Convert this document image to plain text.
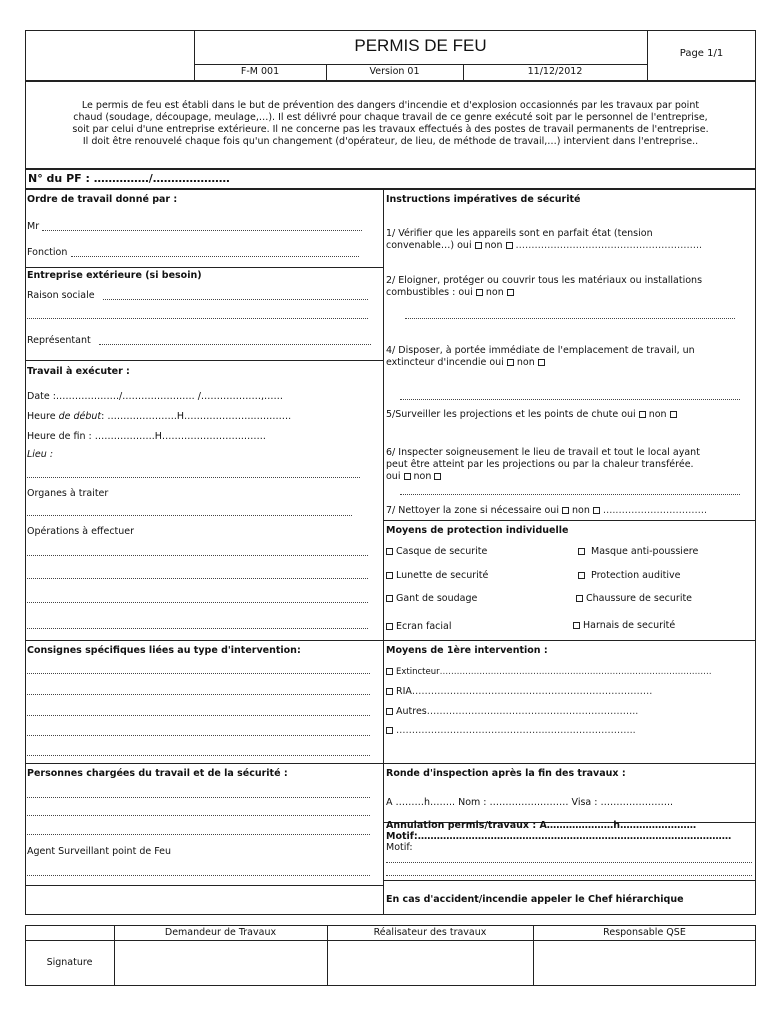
PERMIS DE FEU	Page 1/1
F-M 001	Version 01	11/12/2012
Le permis de feu est établi dans le but de prévention des dangers d'incendie et d'explosion occasionnés par les travaux par point
chaud (soudage, découpage, meulage,…). Il est délivré pour chaque travail de ce genre exécuté soit par le personnel de l'entreprise,
soit par celui d'une entreprise extérieure. Il ne concerne pas les travaux effectués à des postes de travail permanents de l'entreprise.
Il doit être renouvelé chaque fois qu'un changement (d'opérateur, de lieu, de méthode de travail,…) intervient dans l'entreprise..
N° du PF : ……………/…………………
Ordre de travail donné par :
Mr
Fonction
Entreprise extérieure (si besoin)
Raison sociale
Représentant
Travail à exécuter :
Date :…………….…./……………….…. /…………….…,……
Heure de début: ………………….H…………………..….…….
Heure de fin : ……………….H……………………..…….
Lieu :
Organes à traiter
Opérations à effectuer
Consignes spécifiques liées au type d'intervention:
Personnes chargées du travail et de la sécurité :
Agent Surveillant point de Feu
Instructions impératives de sécurité
1/ Vérifier que les appareils sont en parfait état (tension
convenable…) oui non …………………………………………………..
2/ Eloigner, protéger ou couvrir tous les matériaux ou installations
combustibles : oui non
4/ Disposer, à portée immédiate de l'emplacement de travail, un
extincteur d'incendie oui non
5/Surveiller les projections et les points de chute oui non
6/ Inspecter soigneusement le lieu de travail et tout le local ayant
peut être atteint par les projections ou par la chaleur transférée.
oui non
7/ Nettoyer la zone si nécessaire oui non …..……………………….
Moyens de protection individuelle
Casque de securite	Masque anti-poussiere
Lunette de securité	Protection auditive
Gant de soudage	Chaussure de securite
Ecran facial	Harnais de securité
Moyens de 1ère intervention :
Extincteur……………………………………………………………………………………
RIA…………………………….……………………………………
Autres…………………..……………………………………..
…………………………….…………..……..………………..
Ronde d'inspection après la fin des travaux :
A ………h…….. Nom : …………….……… Visa : …………………..
Annulation permis/travaux : A…………………h……………………
Motif:………………………………………………………………………………………
Motif:
En cas d'accident/incendie appeler le Chef hiérarchique
Demandeur de Travaux	Réalisateur des travaux	Responsable QSE
Signature
